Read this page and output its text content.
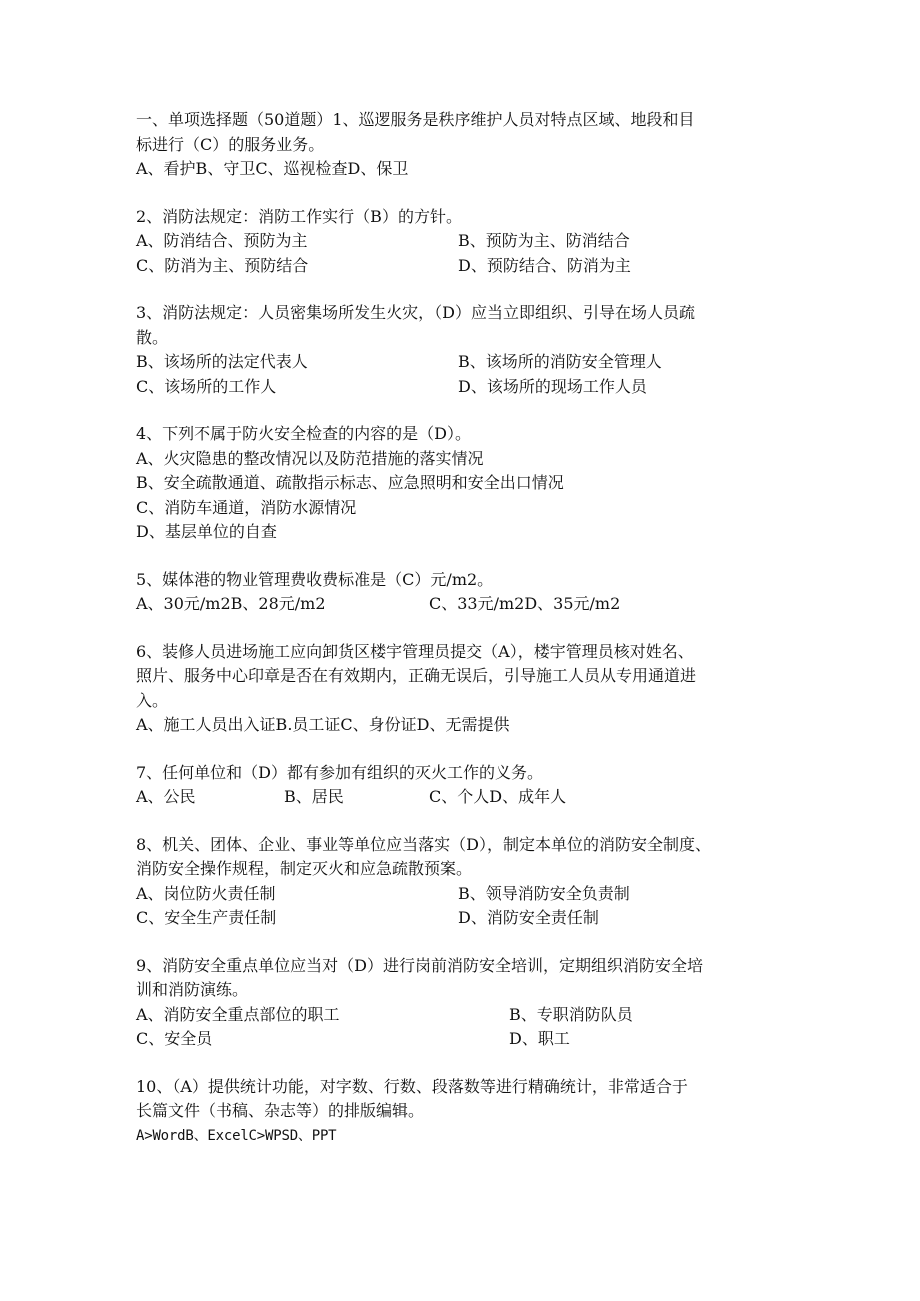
一、单项选择题（50道题）1、巡逻服务是秩序维护人员对特点区域、地段和目
标进行（C）的服务业务。
A、看护B、守卫C、巡视检查D、保卫
2、消防法规定：消防工作实行（B）的方针。
A、防消结合、预防为主	B、预防为主、防消结合
C、防消为主、预防结合	D、预防结合、防消为主
3、消防法规定：人员密集场所发生火灾，（D）应当立即组织、引导在场人员疏
散。
B、该场所的法定代表人	B、该场所的消防安全管理人
C、该场所的工作人	D、该场所的现场工作人员
4、下列不属于防火安全检查的内容的是（D）。
A、火灾隐患的整改情况以及防范措施的落实情况
B、安全疏散通道、疏散指示标志、应急照明和安全出口情况
C、消防车通道，消防水源情况
D、基层单位的自查
5、媒体港的物业管理费收费标准是（C）元/m2。
A、30元/m2B、28元/m2	C、33元/m2D、35元/m2
6、装修人员进场施工应向卸货区楼宇管理员提交（A），楼宇管理员核对姓名、
照片、服务中心印章是否在有效期内，正确无误后，引导施工人员从专用通道进
入。
A、施工人员出入证B.员工证C、身份证D、无需提供
7、任何单位和（D）都有参加有组织的灭火工作的义务。
A、公民	B、居民	C、个人D、成年人
8、机关、团体、企业、事业等单位应当落实（D），制定本单位的消防安全制度、
消防安全操作规程，制定灭火和应急疏散预案。
A、岗位防火责任制	B、领导消防安全负责制
C、安全生产责任制	D、消防安全责任制
9、消防安全重点单位应当对（D）进行岗前消防安全培训，定期组织消防安全培
训和消防演练。
A、消防安全重点部位的职工	B、专职消防队员
C、安全员	D、职工
10、（A）提供统计功能，对字数、行数、段落数等进行精确统计，非常适合于
长篇文件（书稿、杂志等）的排版编辑。
A>WordB、ExcelC>WPSD、PPT
